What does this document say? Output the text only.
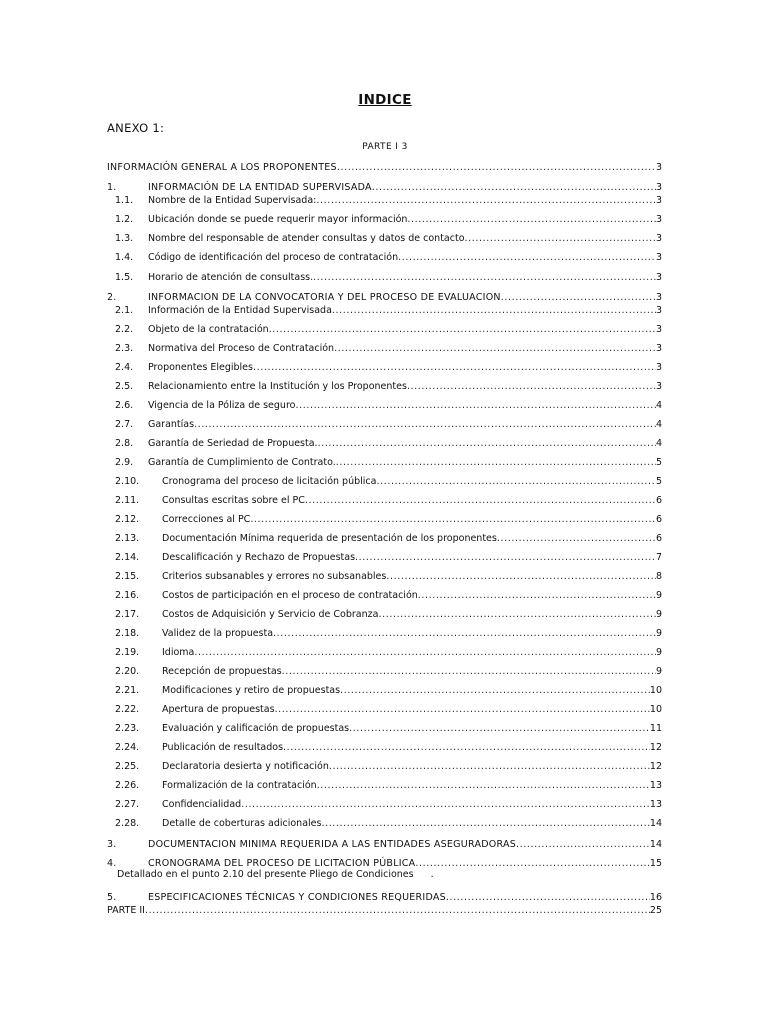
INDICE
ANEXO 1:
PARTE I 3
INFORMACIÓN GENERAL A LOS PROPONENTES .....	3
1.	INFORMACIÓN DE LA ENTIDAD SUPERVISADA .....	3
1.1.	Nombre de la Entidad Supervisada: .....	3
1.2.	Ubicación donde se puede requerir mayor información .....	3
1.3.	Nombre del responsable de atender consultas y datos de contacto .....	3
1.4.	Código de identificación del proceso de contratación .....	3
1.5.	Horario de atención de consultass. .....	3
2.	INFORMACION DE LA CONVOCATORIA Y DEL PROCESO DE EVALUACION .....	3
2.1.	Información de la Entidad Supervisada .....	3
2.2.	Objeto de la contratación .....	3
2.3.	Normativa del Proceso de Contratación .....	3
2.4.	Proponentes Elegibles .....	3
2.5.	Relacionamiento entre la Institución y los Proponentes .....	3
2.6.	Vigencia de la Póliza de seguro .....	4
2.7.	Garantías .....	4
2.8.	Garantía de Seriedad de Propuesta. .....	4
2.9.	Garantía de Cumplimiento de Contrato. .....	5
2.10.	Cronograma del proceso de licitación pública .....	5
2.11.	Consultas escritas sobre el PC .....	6
2.12.	Correcciones al PC .....	6
2.13.	Documentación Mínima requerida de presentación de los proponentes .....	6
2.14.	Descalificación y Rechazo de Propuestas .....	7
2.15.	Criterios subsanables y errores no subsanables .....	8
2.16.	Costos de participación en el proceso de contratación .....	9
2.17.	Costos de Adquisición y Servicio de Cobranza .....	9
2.18.	Validez de la propuesta .....	9
2.19.	Idioma .....	9
2.20.	Recepción de propuestas .....	9
2.21.	Modificaciones y retiro de propuestas .....	10
2.22.	Apertura de propuestas .....	10
2.23.	Evaluación y calificación de propuestas .....	11
2.24.	Publicación de resultados .....	12
2.25.	Declaratoria desierta y notificación .....	12
2.26.	Formalización de la contratación .....	13
2.27.	Confidencialidad .....	13
2.28.	Detalle de coberturas adicionales .....	14
3.	DOCUMENTACION MINIMA REQUERIDA A LAS ENTIDADES ASEGURADORAS .....	14
4.	CRONOGRAMA DEL PROCESO DE LICITACION PÚBLICA .....	15
5.	ESPECIFICACIONES TÉCNICAS Y CONDICIONES REQUERIDAS .....	16
PARTE II .....	25
Detallado en el punto 2.10 del presente Pliego de Condiciones .
